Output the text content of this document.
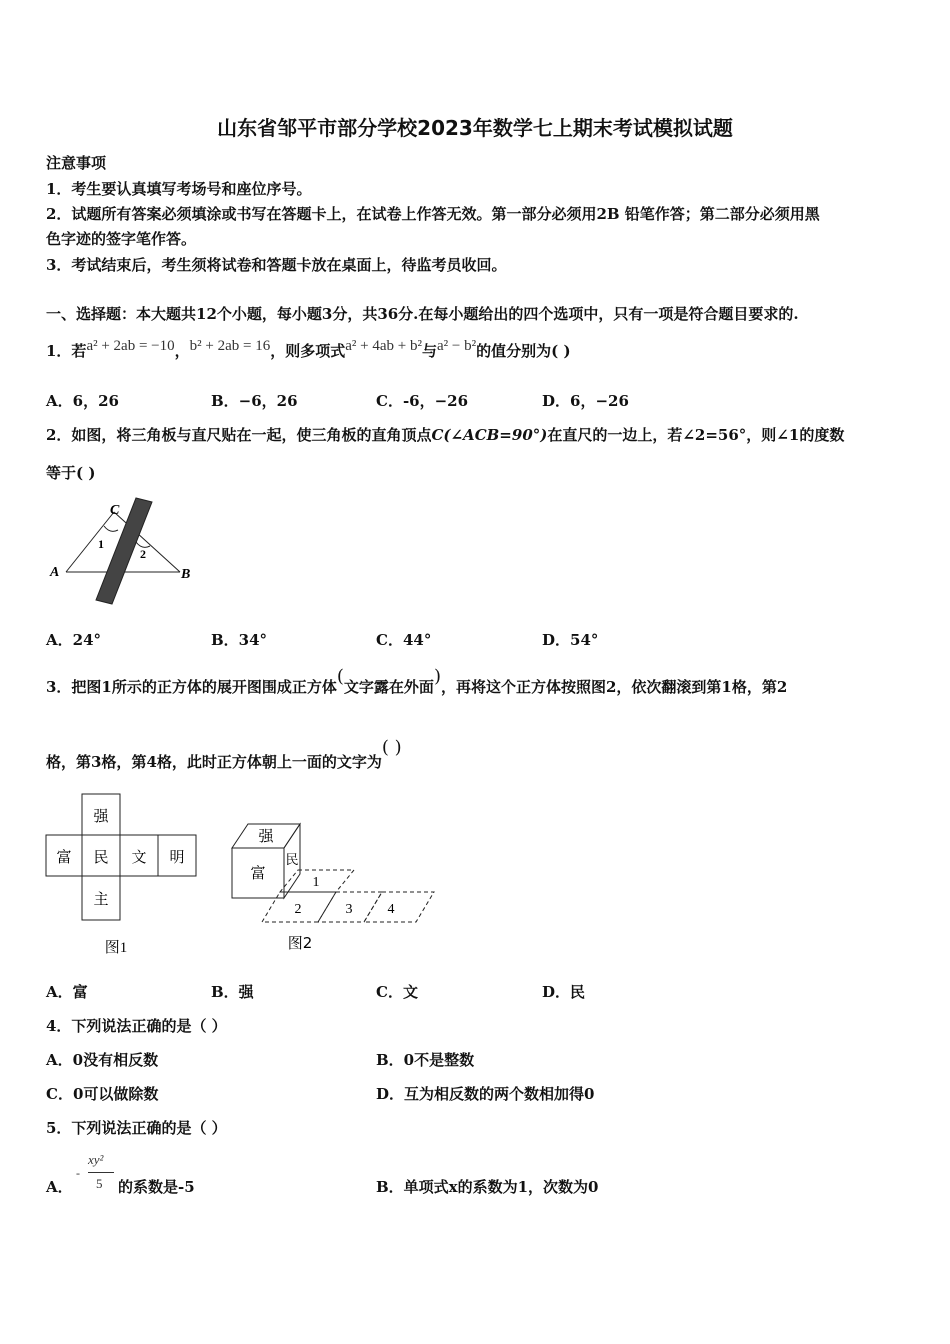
山东省邹平市部分学校2023年数学七上期末考试模拟试题
注意事项
1．考生要认真填写考场号和座位序号。
2．试题所有答案必须填涂或书写在答题卡上，在试卷上作答无效。第一部分必须用2B 铅笔作答；第二部分必须用黑
色字迹的签字笔作答。
3．考试结束后，考生须将试卷和答题卡放在桌面上，待监考员收回。
一、选择题：本大题共12个小题，每小题3分，共36分.在每小题给出的四个选项中，只有一项是符合题目要求的.
1．若a² + 2ab = −10，b² + 2ab = 16，则多项式a² + 4ab + b²与a² − b²的值分别为( )
A．6，26	B．−6，26	C．-6，−26	D．6，−26
2．如图，将三角板与直尺贴在一起，使三角板的直角顶点C(∠ACB=90°)在直尺的一边上，若∠2=56°，则∠1的度数
等于( )
C
A	B
1
2
A．24°	B．34°	C．44°	D．54°
3．把图1所示的正方体的展开图围成正方体(文字露在外面)，再将这个正方体按照图2，依次翻滚到第1格，第2
格，第3格，第4格，此时正方体朝上一面的文字为( )
强
富 民 文 明
主
图1
强
富
民
1
2	3	4
图2
A．富	B．强	C．文	D．民
4．下列说法正确的是（ ）
A．0没有相反数	B．0不是整数
C．0可以做除数	D．互为相反数的两个数相加得0
5．下列说法正确的是（ ）
A．
-
xy²
5 的系数是-5	B．单项式x的系数为1，次数为0
